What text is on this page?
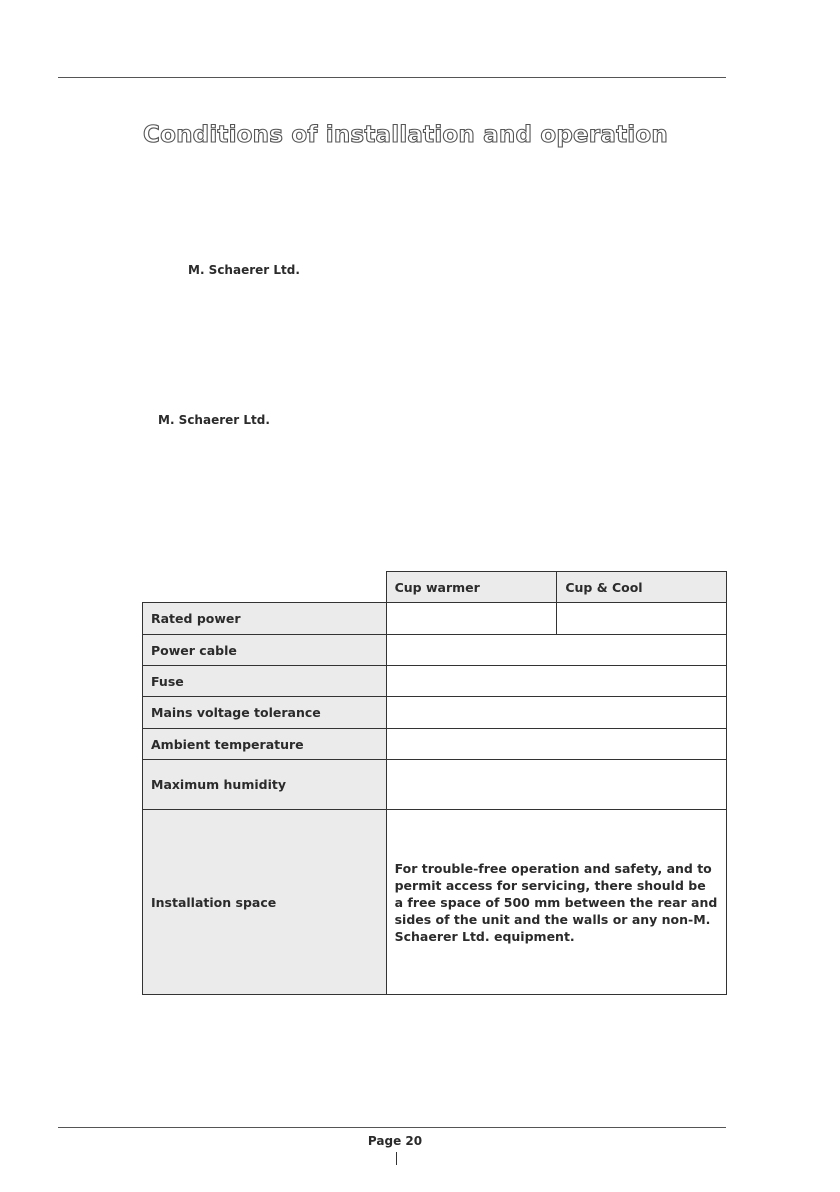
Conditions of installation and operation
M. Schaerer Ltd.
M. Schaerer Ltd.
	Cup warmer	Cup & Cool
Rated power		
Power cable		
Fuse		
Mains voltage tolerance		
Ambient temperature		
Maximum humidity		
Installation space	For trouble-free operation and safety, and to permit access for servicing, there should be a free space of 500 mm between the rear and sides of the unit and the walls or any non-M. Schaerer Ltd. equipment.	
Page 20
